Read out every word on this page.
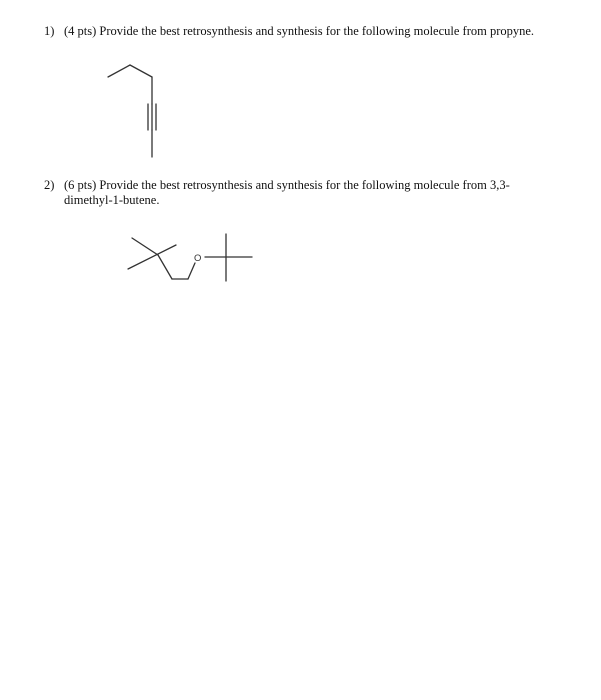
1) (4 pts) Provide the best retrosynthesis and synthesis for the following molecule from propyne.
2) (6 pts) Provide the best retrosynthesis and synthesis for the following molecule from 3,3-dimethyl-1-butene.
O
